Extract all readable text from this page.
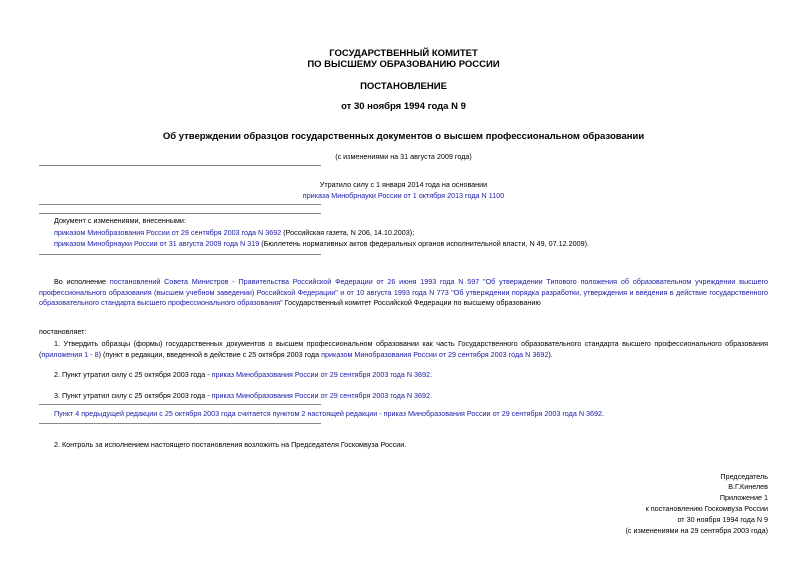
ГОСУДАРСТВЕННЫЙ КОМИТЕТ
ПО ВЫСШЕМУ ОБРАЗОВАНИЮ РОССИИ
ПОСТАНОВЛЕНИЕ
от 30 ноября 1994 года N 9
Об утверждении образцов государственных документов о высшем профессиональном образовании
(с изменениями на 31 августа 2009 года)
Утратило силу с 1 января 2014 года на основании
приказа Минобрнауки России от 1 октября 2013 года N 1100
Документ с изменениями, внесенными:
приказом Минобразования России от 29 сентября 2003 года N 3692 (Российская газета, N 206, 14.10.2003);
приказом Минобрнауки России от 31 августа 2009 года N 319 (Бюллетень нормативных актов федеральных органов исполнительной власти, N 49, 07.12.2009).
Во исполнение постановлений Совета Министров - Правительства Российской Федерации от 26 июня 1993 года N 597 "Об утверждении Типового положения об образовательном учреждении высшего профессионального образования (высшем учебном заведении) Российской Федерации" и от 10 августа 1993 года N 773 "Об утверждении порядка разработки, утверждения и введения в действие государственного образовательного стандарта высшего профессионального образования" Государственный комитет Российской Федерации по высшему образованию
постановляет:
1. Утвердить образцы (формы) государственных документов о высшем профессиональном образовании как часть Государственного образовательного стандарта высшего профессионального образования (приложения 1 - 8) (пункт в редакции, введенной в действие с 25 октября 2003 года приказом Минобразования России от 29 сентября 2003 года N 3692).
2. Пункт утратил силу с 25 октября 2003 года - приказ Минобразования России от 29 сентября 2003 года N 3692.
3. Пункт утратил силу с 25 октября 2003 года - приказ Минобразования России от 29 сентября 2003 года N 3692.
Пункт 4 предыдущей редакции с 25 октября 2003 года считается пунктом 2 настоящей редакции - приказ Минобразования России от 29 сентября 2003 года N 3692.
2. Контроль за исполнением настоящего постановления возложить на Председателя Госкомвуза России.
Председатель
В.Г.Кинелев
Приложение 1
к постановлению Госкомвуза России
от 30 ноября 1994 года N 9
(с изменениями на 29 сентября 2003 года)
